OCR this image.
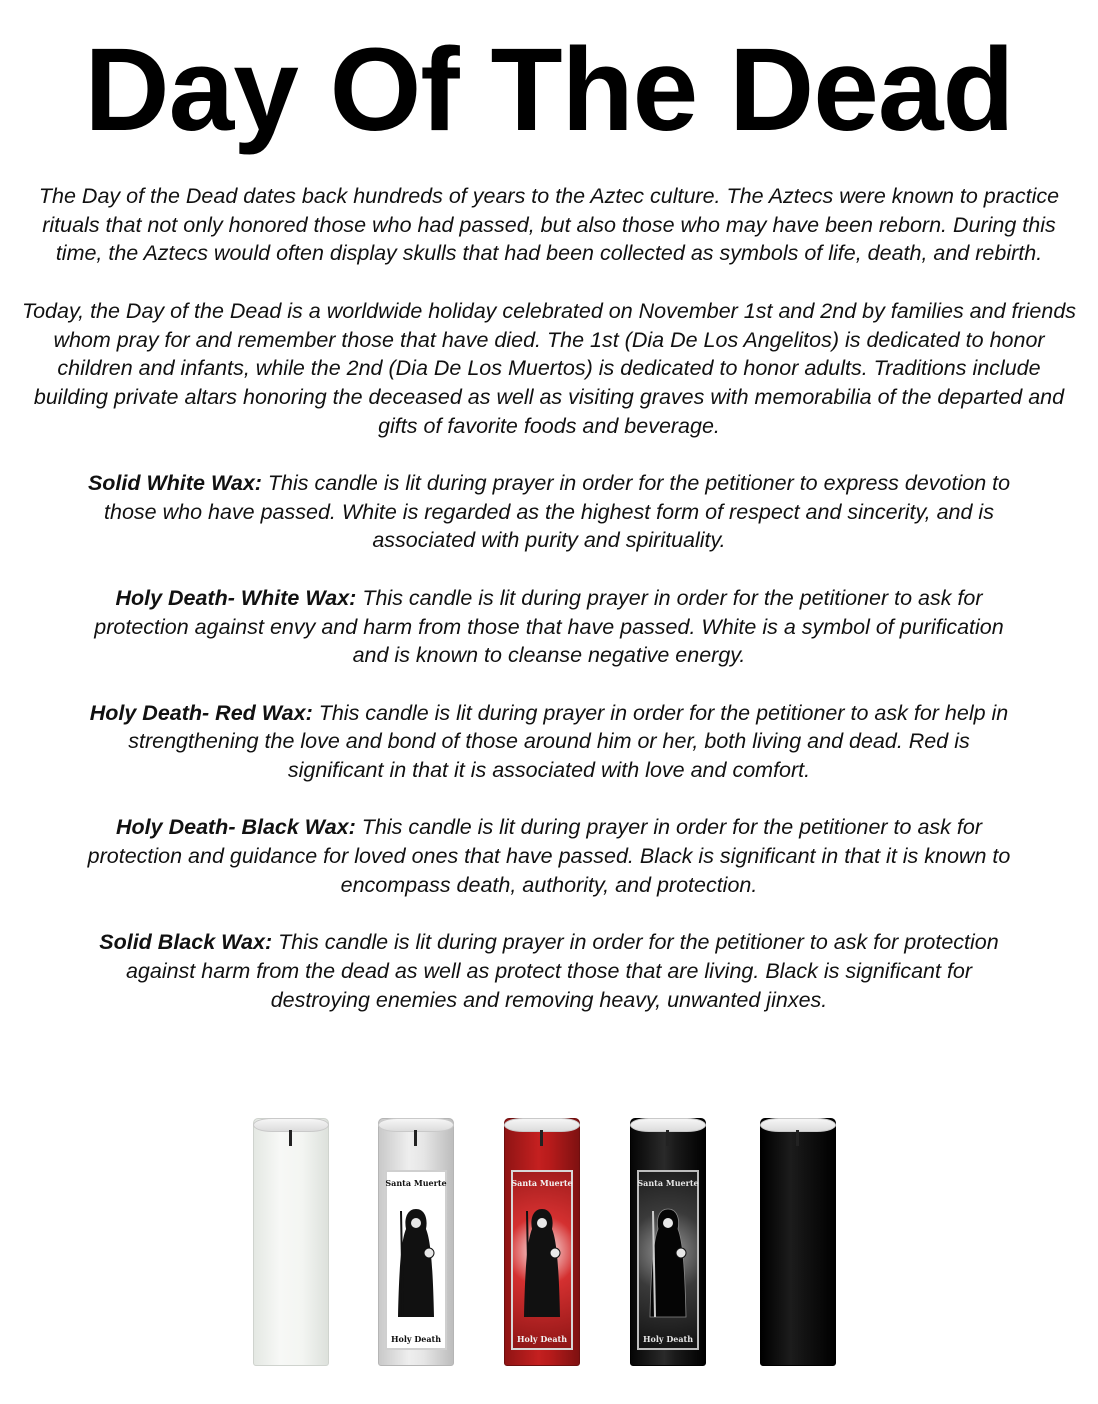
Day Of The Dead

The Day of the Dead dates back hundreds of years to the Aztec culture. The Aztecs were known to practice rituals that not only honored those who had passed, but also those who may have been reborn. During this time, the Aztecs would often display skulls that had been collected as symbols of life, death, and rebirth.

Today, the Day of the Dead is a worldwide holiday celebrated on November 1st and 2nd by families and friends whom pray for and remember those that have died. The 1st (Dia De Los Angelitos) is dedicated to honor children and infants, while the 2nd (Dia De Los Muertos) is dedicated to honor adults. Traditions include building private altars honoring the deceased as well as visiting graves with memorabilia of the departed and gifts of favorite foods and beverage.

Solid White Wax: This candle is lit during prayer in order for the petitioner to express devotion to those who have passed. White is regarded as the highest form of respect and sincerity, and is associated with purity and spirituality.

Holy Death- White Wax: This candle is lit during prayer in order for the petitioner to ask for protection against envy and harm from those that have passed. White is a symbol of purification and is known to cleanse negative energy.

Holy Death- Red Wax: This candle is lit during prayer in order for the petitioner to ask for help in strengthening the love and bond of those around him or her, both living and dead. Red is significant in that it is associated with love and comfort.

Holy Death- Black Wax: This candle is lit during prayer in order for the petitioner to ask for protection and guidance for loved ones that have passed. Black is significant in that it is known to encompass death, authority, and protection.

Solid Black Wax: This candle is lit during prayer in order for the petitioner to ask for protection against harm from the dead as well as protect those that are living. Black is significant for destroying enemies and removing heavy, unwanted jinxes.

Santa Muerte
Holy Death
Santa Muerte
Holy Death
Santa Muerte
Holy Death
